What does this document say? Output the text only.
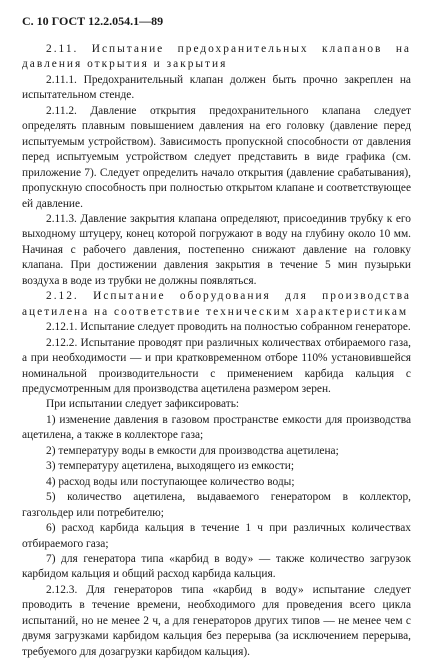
С. 10 ГОСТ 12.2.054.1—89

2.11. Испытание предохранительных клапанов на давления открытия и закрытия

2.11.1. Предохранительный клапан должен быть прочно закреплен на испытательном стенде.

2.11.2. Давление открытия предохранительного клапана следует определять плавным повышением давления на его головку (давление перед испытуемым устройством). Зависимость пропускной способности от давления перед испытуемым устройством следует представить в виде графика (см. приложение 7). Следует определить начало открытия (давление срабатывания), пропускную способность при полностью открытом клапане и соответствующее ей давление.

2.11.3. Давление закрытия клапана определяют, присоединив трубку к его выходному штуцеру, конец которой погружают в воду на глубину около 10 мм. Начиная с рабочего давления, постепенно снижают давление на головку клапана. При достижении давления закрытия в течение 5 мин пузырьки воздуха в воде из трубки не должны появляться.

2.12. Испытание оборудования для производства ацетилена на соответствие техническим характеристикам

2.12.1. Испытание следует проводить на полностью собранном генераторе.

2.12.2. Испытание проводят при различных количествах отбираемого газа, а при необходимости — и при кратковременном отборе 110% установившейся номинальной производительности с применением карбида кальция с предусмотренным для производства ацетилена размером зерен.

При испытании следует зафиксировать:

1) изменение давления в газовом пространстве емкости для производства ацетилена, а также в коллекторе газа;

2) температуру воды в емкости для производства ацетилена;

3) температуру ацетилена, выходящего из емкости;

4) расход воды или поступающее количество воды;

5) количество ацетилена, выдаваемого генератором в коллектор, газгольдер или потребителю;

6) расход карбида кальция в течение 1 ч при различных количествах отбираемого газа;

7) для генератора типа «карбид в воду» — также количество загрузок карбидом кальция и общий расход карбида кальция.

2.12.3. Для генераторов типа «карбид в воду» испытание следует проводить в течение времени, необходимого для проведения всего цикла испытаний, но не менее 2 ч, а для генераторов других типов — не менее чем с двумя загрузками карбидом кальция без перерыва (за исключением перерыва, требуемого для дозагрузки карбидом кальция).
